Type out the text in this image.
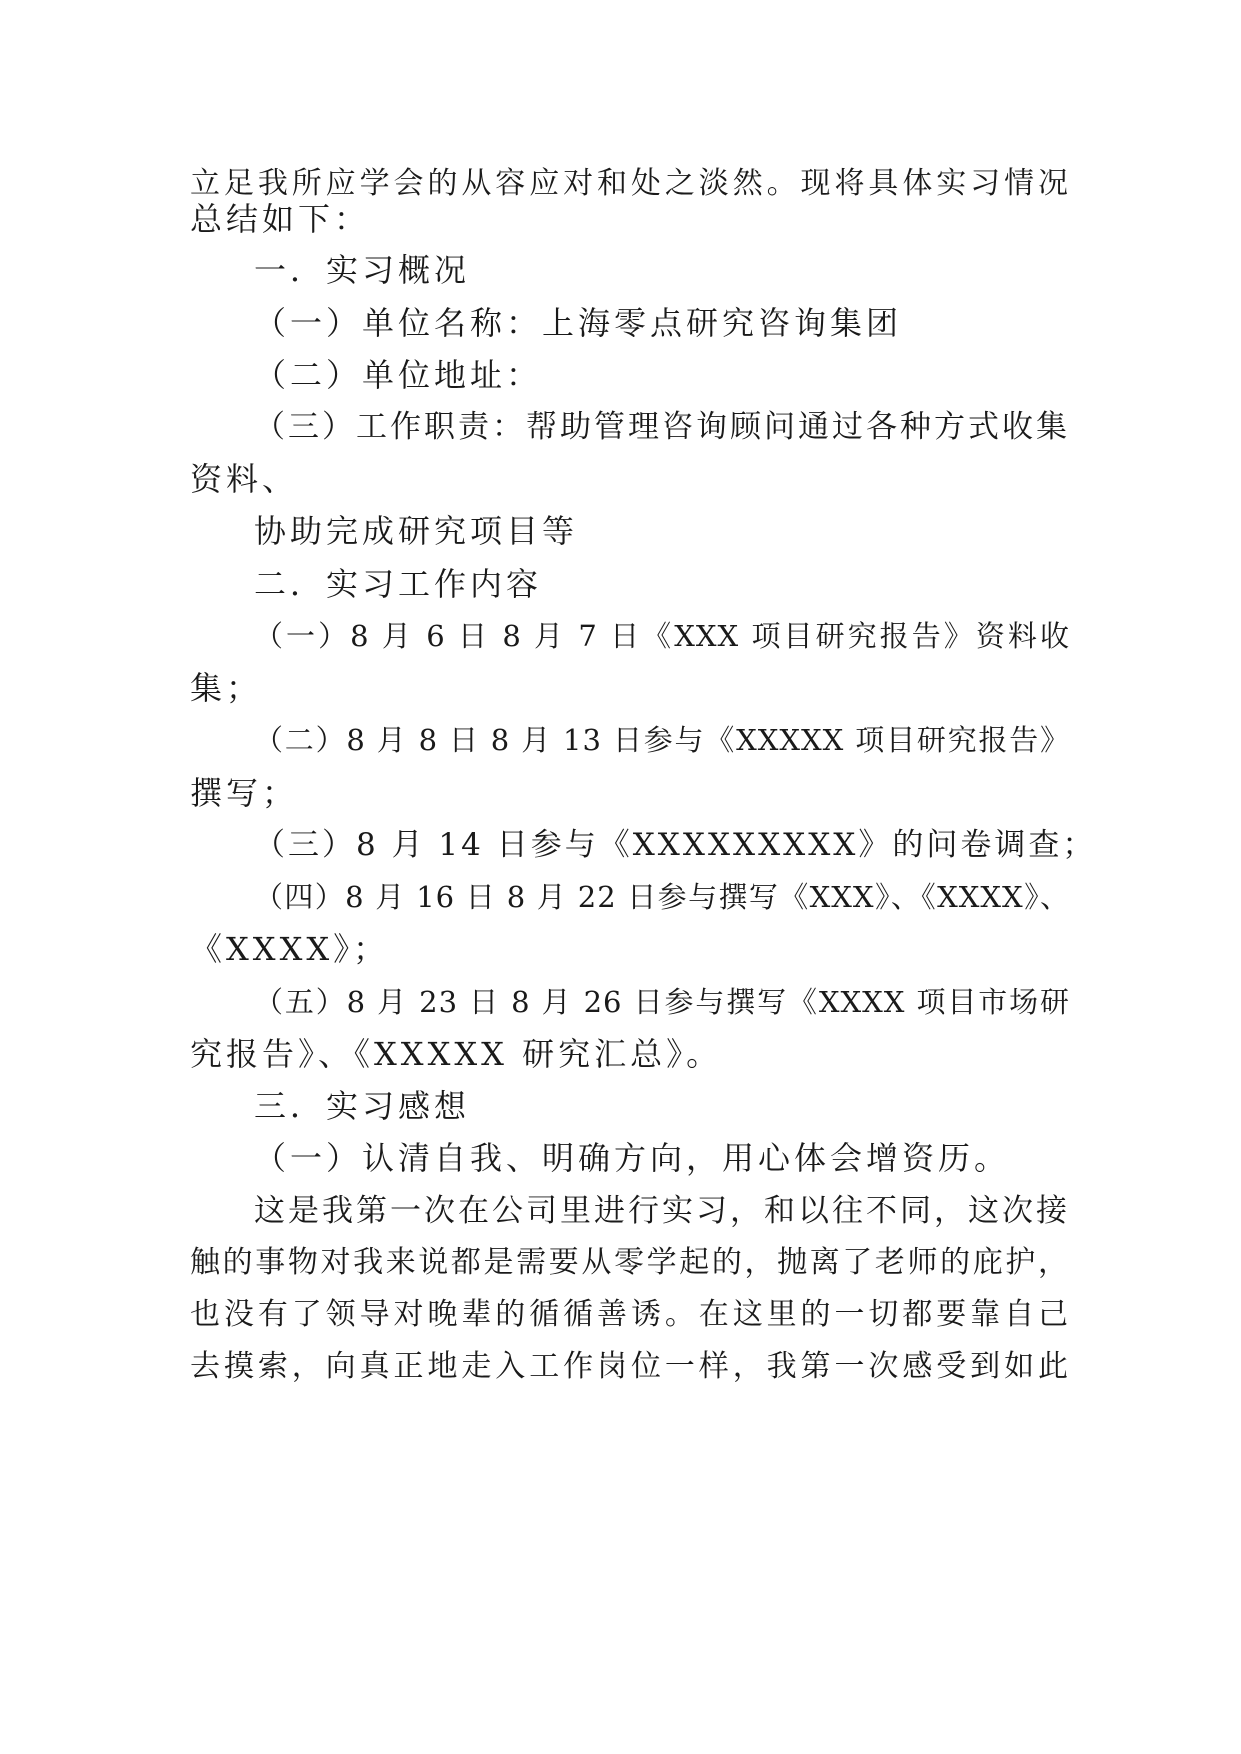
立足我所应学会的从容应对和处之淡然。现将具体实习情况
总结如下：
一．实习概况
（一）单位名称：上海零点研究咨询集团
（二）单位地址：
（三）工作职责：帮助管理咨询顾问通过各种方式收集
资料、
协助完成研究项目等
二．实习工作内容
（一）8 月 6 日 8 月 7 日《XXX 项目研究报告》资料收
集；
（二）8 月 8 日 8 月 13 日参与《XXXXX 项目研究报告》
撰写；
（三）8 月 14 日参与《XXXXXXXXX》的问卷调查；
（四）8 月 16 日 8 月 22 日参与撰写《XXX》、《XXXX》、
《XXXX》；
（五）8 月 23 日 8 月 26 日参与撰写《XXXX 项目市场研
究报告》、《XXXXX 研究汇总》。
三．实习感想
（一）认清自我、明确方向，用心体会增资历。
这是我第一次在公司里进行实习，和以往不同，这次接
触的事物对我来说都是需要从零学起的，抛离了老师的庇护，
也没有了领导对晚辈的循循善诱。在这里的一切都要靠自己
去摸索，向真正地走入工作岗位一样，我第一次感受到如此
